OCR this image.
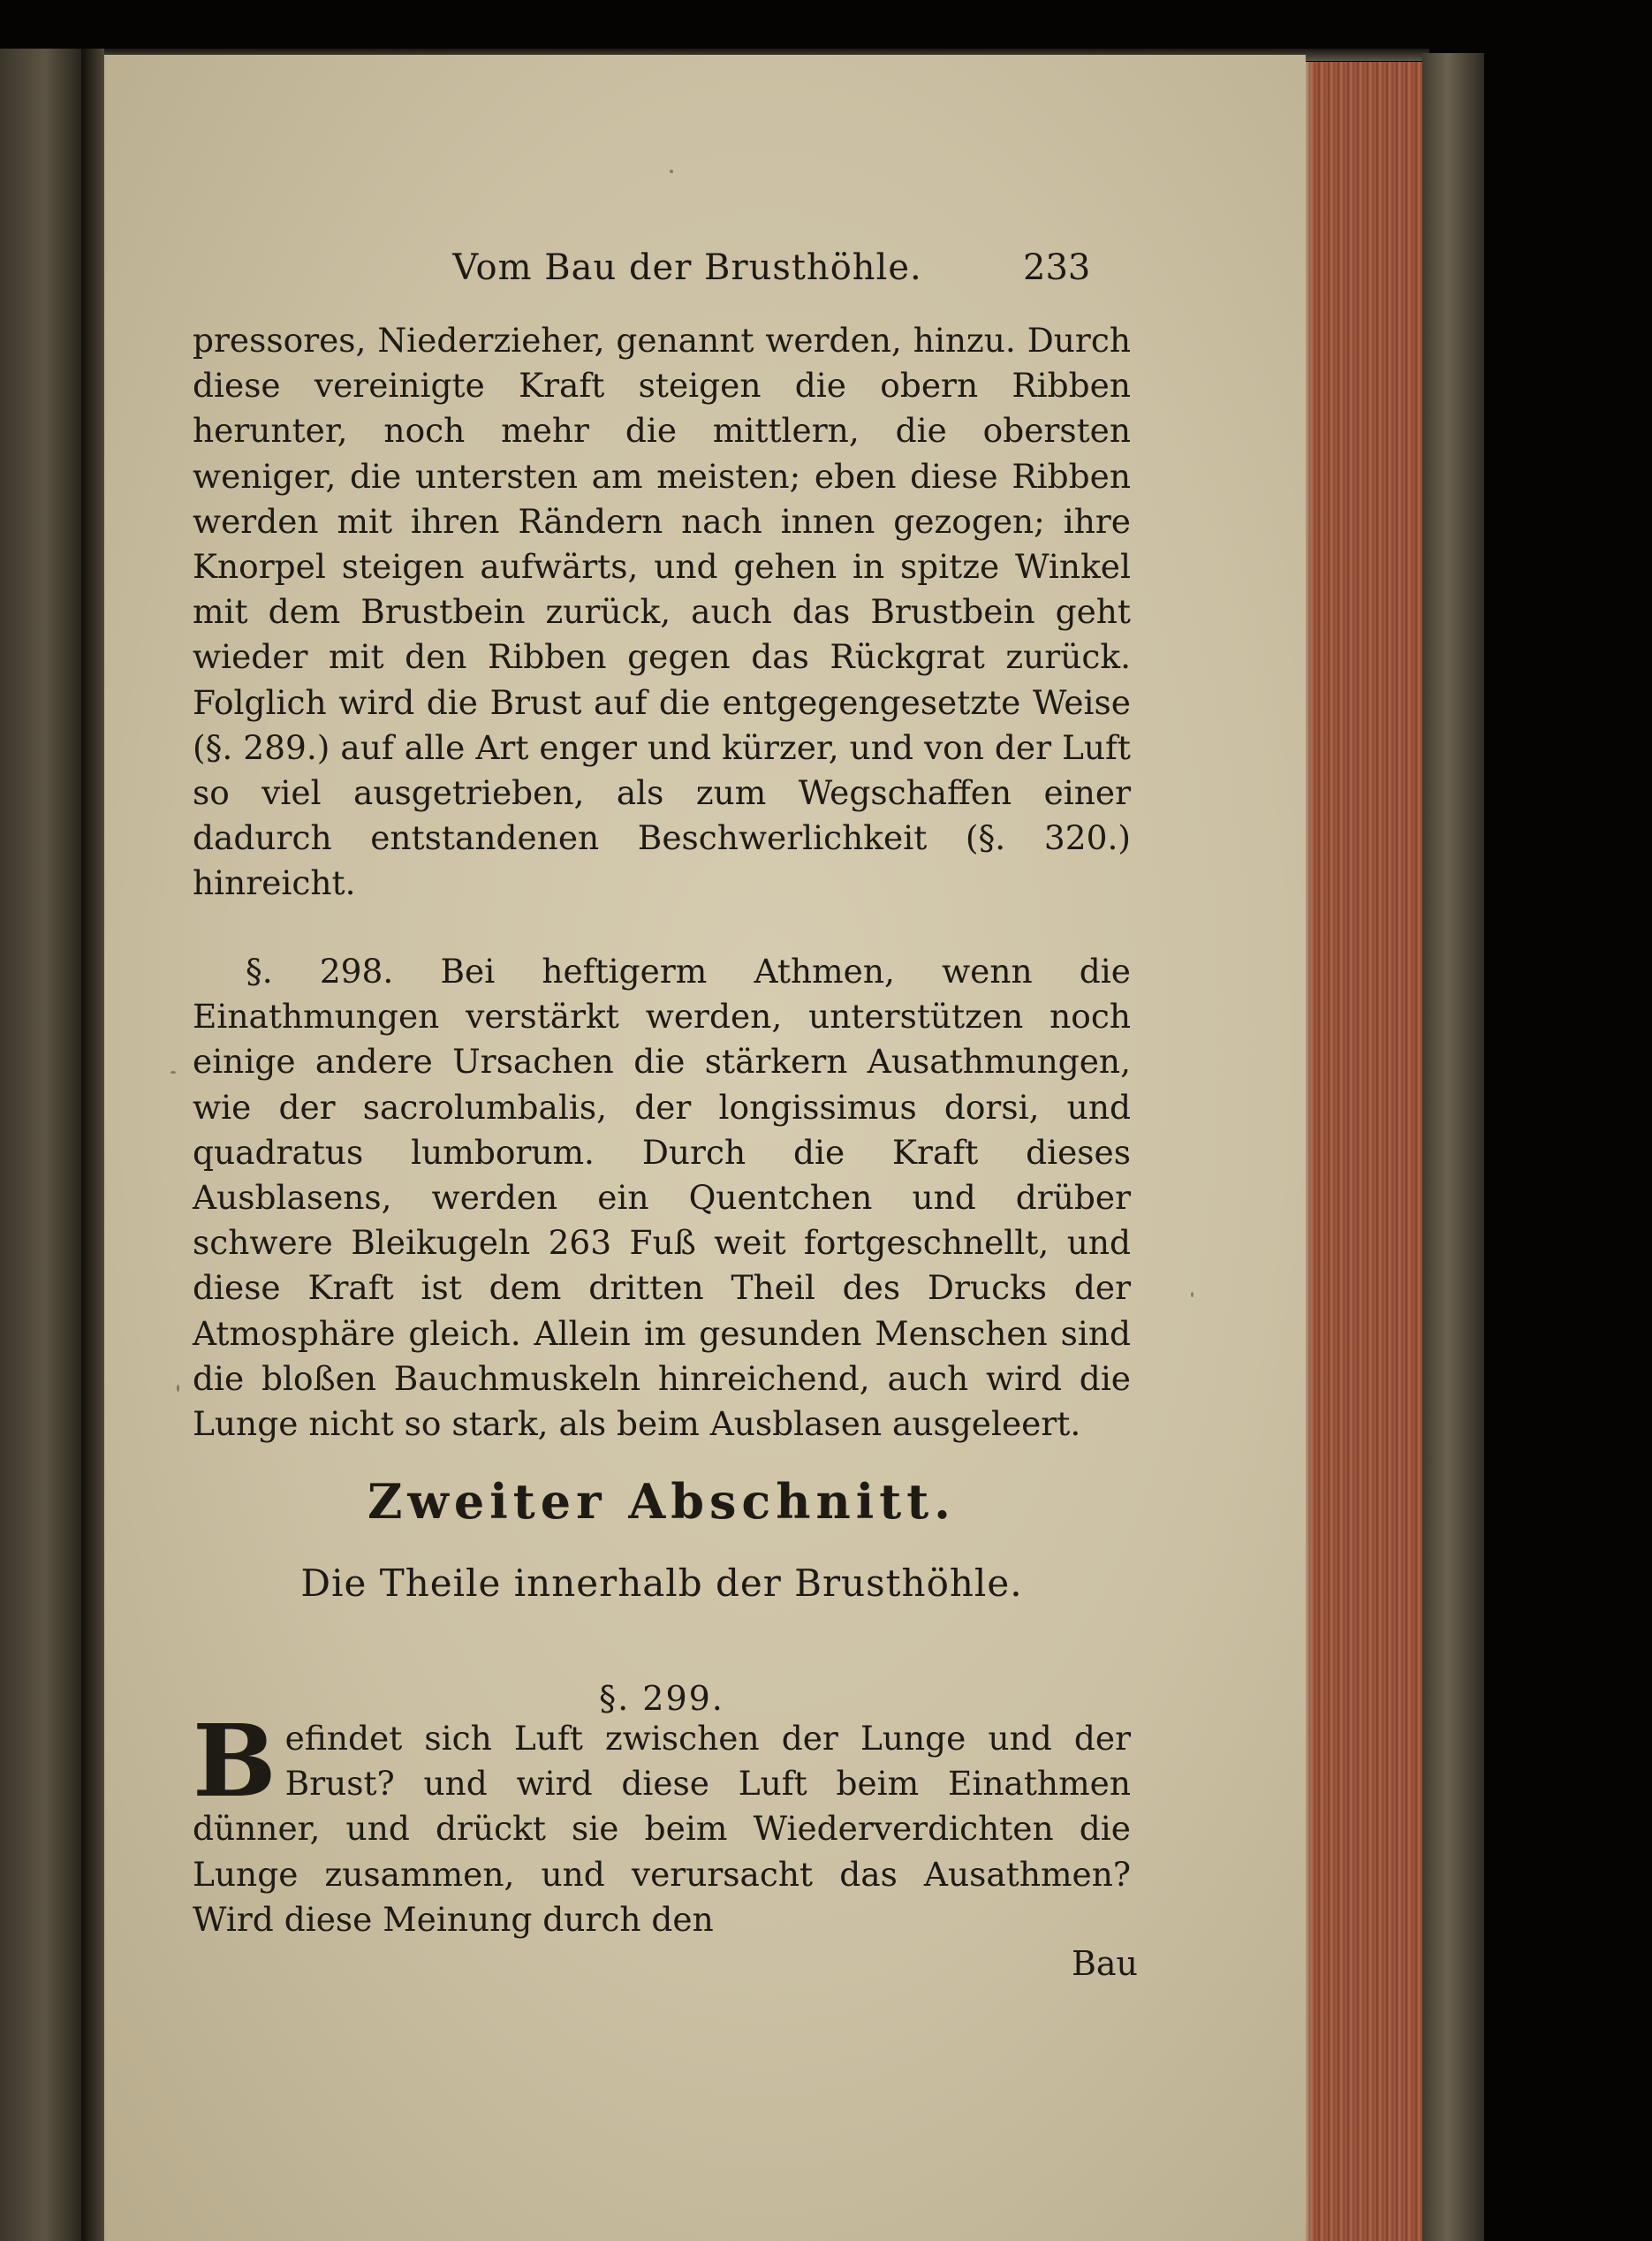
Vom Bau der Brusthöhle.	233
pressores, Niederzieher, genannt werden, hinzu. Durch diese vereinigte Kraft steigen die obern Ribben herunter, noch mehr die mittlern, die obersten weniger, die untersten am meisten; eben diese Ribben werden mit ihren Rändern nach innen gezogen; ihre Knorpel steigen aufwärts, und gehen in spitze Winkel mit dem Brustbein zurück, auch das Brustbein geht wieder mit den Ribben gegen das Rückgrat zurück. Folglich wird die Brust auf die entgegengesetzte Weise (§. 289.) auf alle Art enger und kürzer, und von der Luft so viel ausgetrieben, als zum Wegschaffen einer dadurch entstandenen Beschwerlichkeit (§. 320.) hinreicht.
§. 298. Bei heftigerm Athmen, wenn die Einathmungen verstärkt werden, unterstützen noch einige andere Ursachen die stärkern Ausathmungen, wie der sacrolumbalis, der longissimus dorsi, und quadratus lumborum. Durch die Kraft dieses Ausblasens, werden ein Quentchen und drüber schwere Bleikugeln 263 Fuß weit fortgeschnellt, und diese Kraft ist dem dritten Theil des Drucks der Atmosphäre gleich. Allein im gesunden Menschen sind die bloßen Bauchmuskeln hinreichend, auch wird die Lunge nicht so stark, als beim Ausblasen ausgeleert.
Zweiter Abschnitt.
Die Theile innerhalb der Brusthöhle.
§. 299.
Befindet sich Luft zwischen der Lunge und der Brust? und wird diese Luft beim Einathmen dünner, und drückt sie beim Wiederverdichten die Lunge zusammen, und verursacht das Ausathmen? Wird diese Meinung durch den
Bau
